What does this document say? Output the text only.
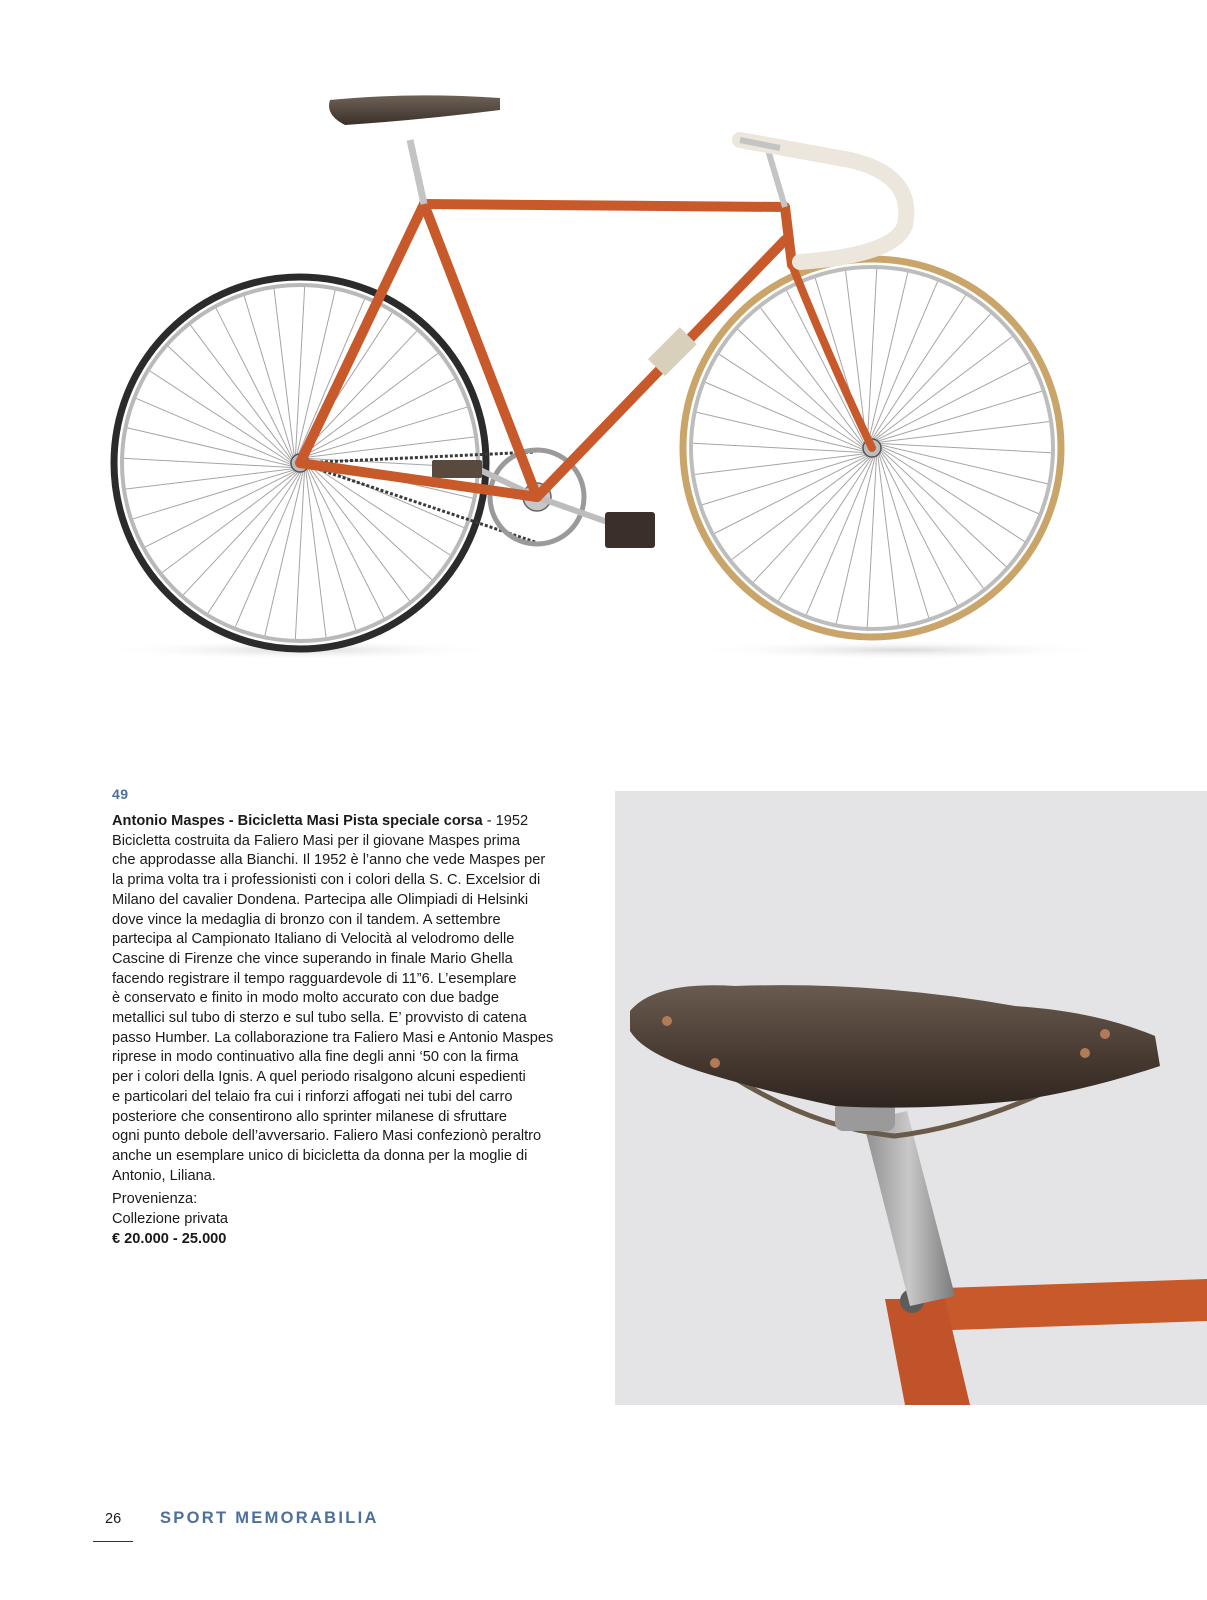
49

Antonio Maspes - Bicicletta Masi Pista speciale corsa - 1952

Bicicletta costruita da Faliero Masi per il giovane Maspes prima
che approdasse alla Bianchi. Il 1952 è l’anno che vede Maspes per
la prima volta tra i professionisti con i colori della S. C. Excelsior di
Milano del cavalier Dondena. Partecipa alle Olimpiadi di Helsinki
dove vince la medaglia di bronzo con il tandem. A settembre
partecipa al Campionato Italiano di Velocità al velodromo delle
Cascine di Firenze che vince superando in finale Mario Ghella
facendo registrare il tempo ragguardevole di 11”6. L’esemplare
è conservato e finito in modo molto accurato con due badge
metallici sul tubo di sterzo e sul tubo sella. E’ provvisto di catena
passo Humber. La collaborazione tra Faliero Masi e Antonio Maspes
riprese in modo continuativo alla fine degli anni ‘50 con la firma
per i colori della Ignis. A quel periodo risalgono alcuni espedienti
e particolari del telaio fra cui i rinforzi affogati nei tubi del carro
posteriore che consentirono allo sprinter milanese di sfruttare
ogni punto debole dell’avversario. Faliero Masi confezionò peraltro
anche un esemplare unico di bicicletta da donna per la moglie di
Antonio, Liliana.

Provenienza:

Collezione privata

€ 20.000 - 25.000

26 SPORT MEMORABILIA
